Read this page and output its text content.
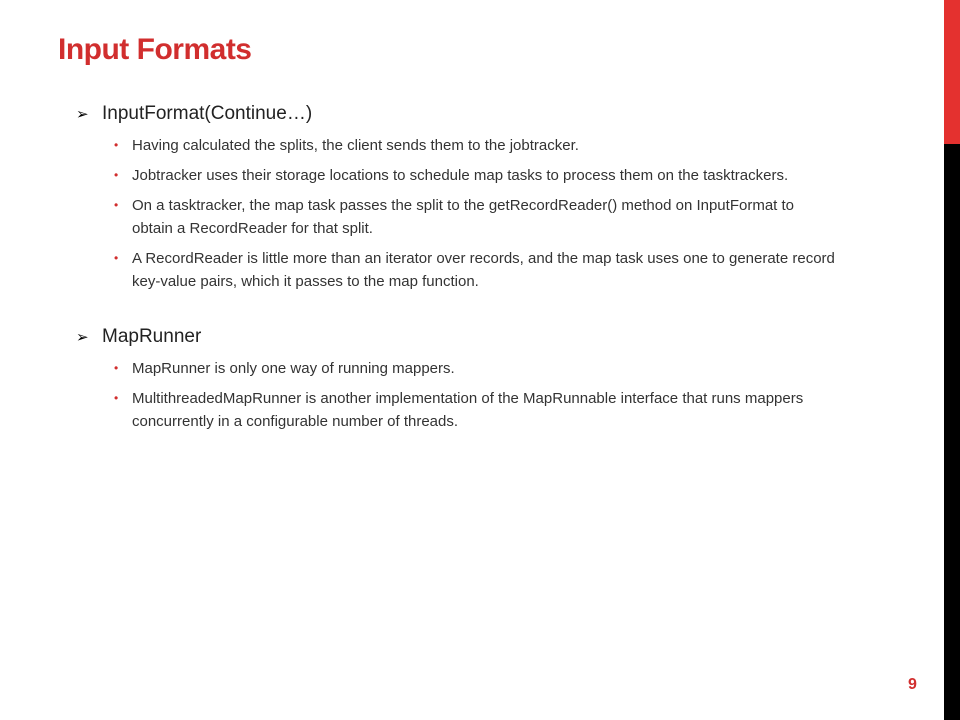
Input Formats
➢ InputFormat(Continue…)
• Having calculated the splits, the client sends them to the jobtracker.
• Jobtracker uses their storage locations to schedule map tasks to process them on the tasktrackers.
• On a tasktracker, the map task passes the split to the getRecordReader() method on InputFormat to obtain a RecordReader for that split.
• A RecordReader is little more than an iterator over records, and the map task uses one to generate record key-value pairs, which it passes to the map function.
➢ MapRunner
• MapRunner is only one way of running mappers.
• MultithreadedMapRunner is another implementation of the MapRunnable interface that runs mappers concurrently in a configurable number of threads.
9
